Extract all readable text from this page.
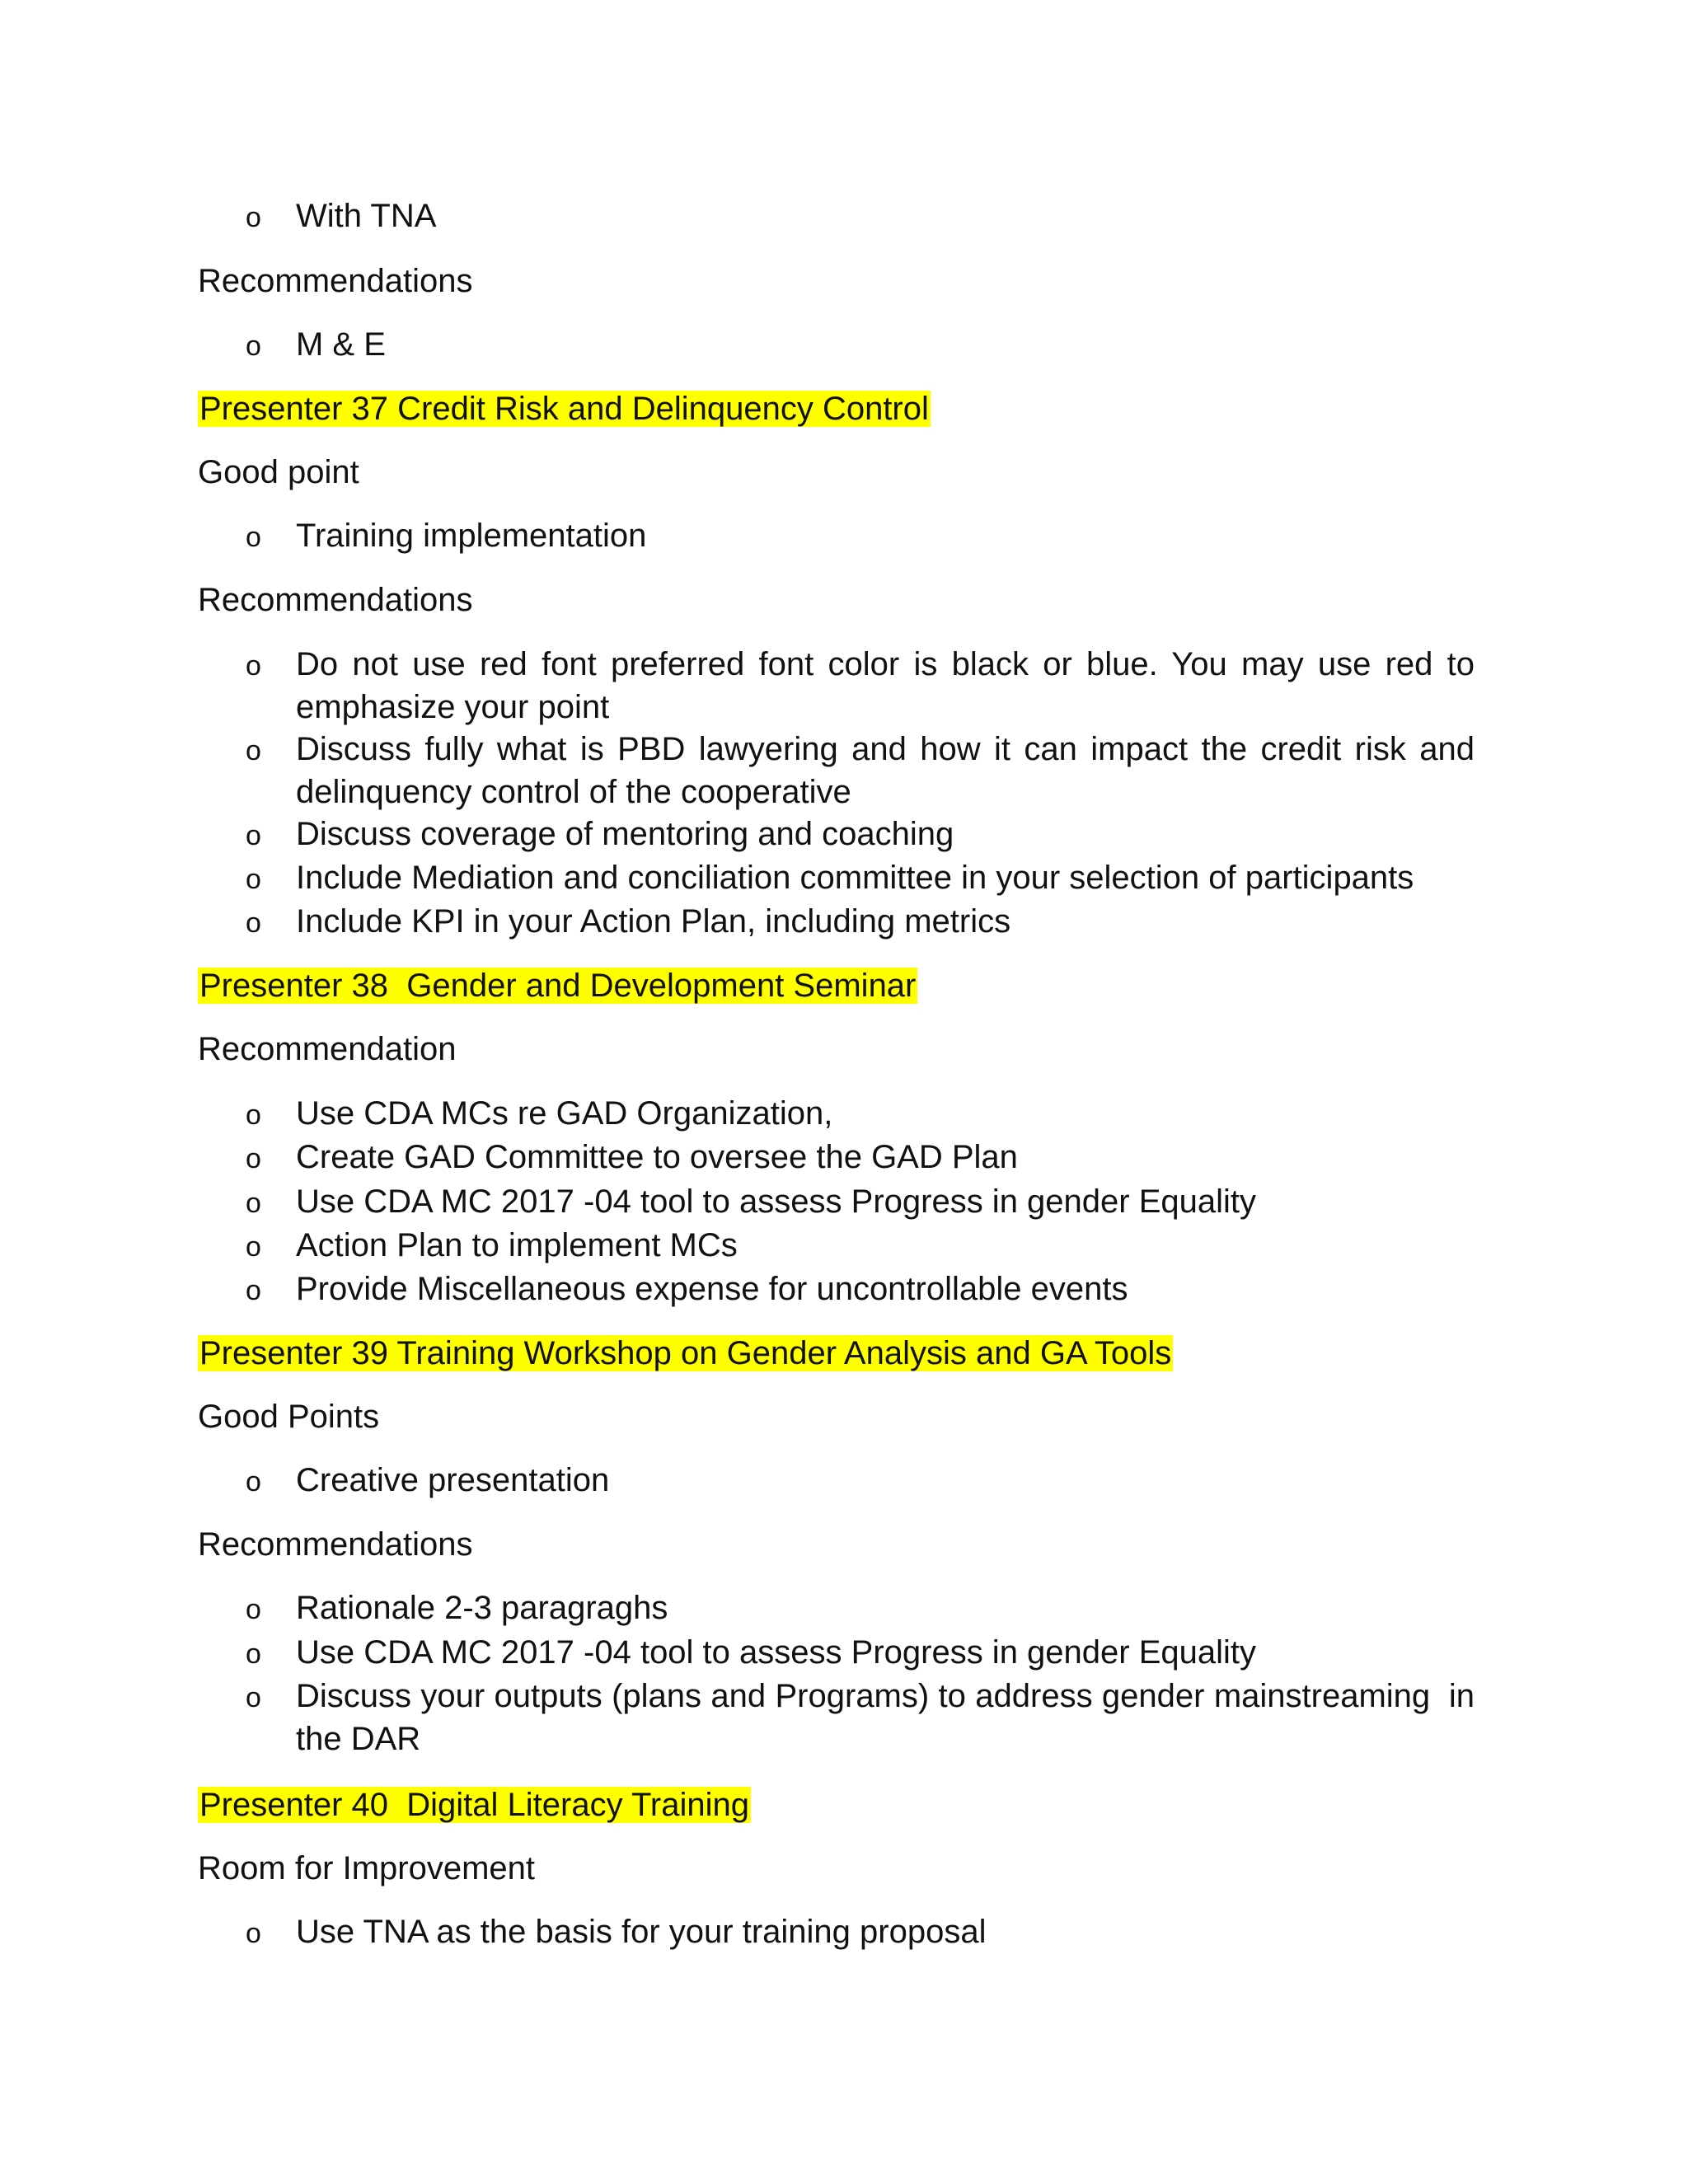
o With TNA
Recommendations
o M & E
Presenter 37 Credit Risk and Delinquency Control
Good point
o Training implementation
Recommendations
o Do not use red font preferred font color is black or blue. You may use red to emphasize your point
o Discuss fully what is PBD lawyering and how it can impact the credit risk and delinquency control of the cooperative
o Discuss coverage of mentoring and coaching
o Include Mediation and conciliation committee in your selection of participants
o Include KPI in your Action Plan, including metrics
Presenter 38  Gender and Development Seminar
Recommendation
o Use CDA MCs re GAD Organization,
o Create GAD Committee to oversee the GAD Plan
o Use CDA MC 2017 -04 tool to assess Progress in gender Equality
o Action Plan to implement MCs
o Provide Miscellaneous expense for uncontrollable events
Presenter 39 Training Workshop on Gender Analysis and GA Tools
Good Points
o Creative presentation
Recommendations
o Rationale 2-3 paragraghs
o Use CDA MC 2017 -04 tool to assess Progress in gender Equality
o Discuss your outputs (plans and Programs) to address gender mainstreaming  in the DAR
Presenter 40  Digital Literacy Training
Room for Improvement
o Use TNA as the basis for your training proposal
